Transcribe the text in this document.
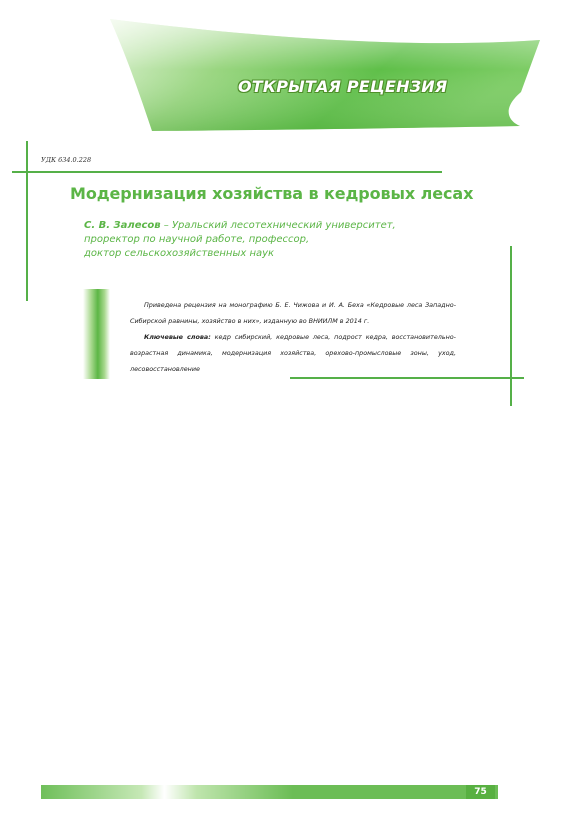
ОТКРЫТАЯ РЕЦЕНЗИЯ
УДК 634.0.228
Модернизация хозяйства в кедровых лесах
С. В. Залесов – Уральский лесотехнический университет,
проректор по научной работе, профессор,
доктор сельскохозяйственных наук

Приведена рецензия на монографию Б. Е. Чижова и И. А. Беха «Кедровые леса Западно-Сибирской равнины, хозяйство в них», изданную во ВНИИЛМ в 2014 г.

Ключевые слова: кедр сибирский, кедровые леса, подрост кедра, восстановительно-возрастная динамика, модернизация хозяйства, орехово-промысловые зоны, уход, лесовосстановление

75
